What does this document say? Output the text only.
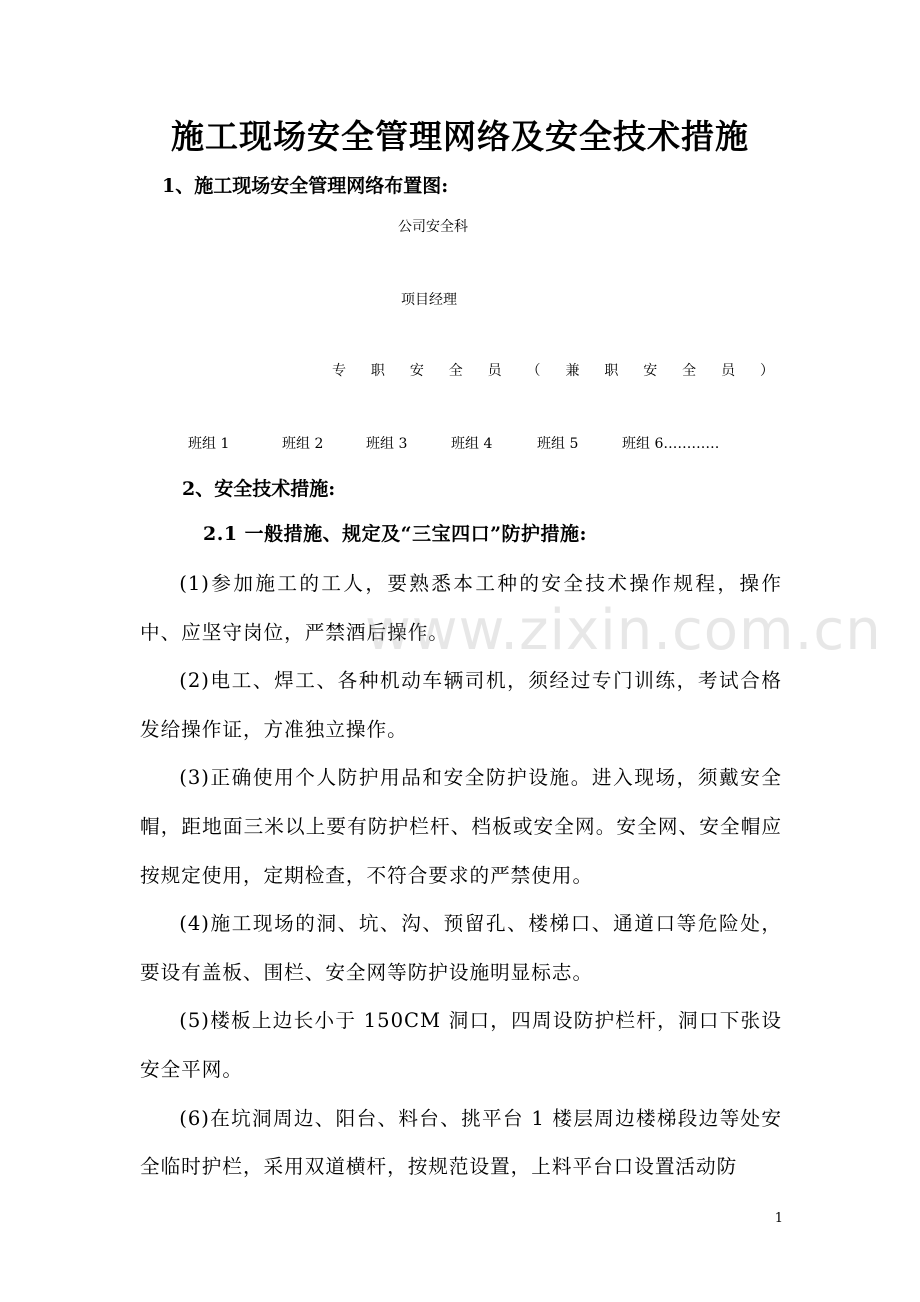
施工现场安全管理网络及安全技术措施
1、施工现场安全管理网络布置图:
公司安全科
项目经理
专 职 安 全 员 （ 兼 职 安 全 员 ）
班组 1	班组 2	班组 3	班组 4	班组 5	班组 6…………
2、安全技术措施:
2.1 一般措施、规定及“三宝四口”防护措施:

(1)参加施工的工人，要熟悉本工种的安全技术操作规程，操作中、应坚守岗位，严禁酒后操作。

(2)电工、焊工、各种机动车辆司机，须经过专门训练，考试合格发给操作证，方准独立操作。

(3)正确使用个人防护用品和安全防护设施。进入现场，须戴安全帽，距地面三米以上要有防护栏杆、档板或安全网。安全网、安全帽应按规定使用，定期检查，不符合要求的严禁使用。

(4)施工现场的洞、坑、沟、预留孔、楼梯口、通道口等危险处，要设有盖板、围栏、安全网等防护设施明显标志。

(5)楼板上边长小于 150CM 洞口，四周设防护栏杆，洞口下张设安全平网。

(6)在坑洞周边、阳台、料台、挑平台 1 楼层周边楼梯段边等处安全临时护栏，采用双道横杆，按规范设置，上料平台口设置活动防

www.zixin.com.cn
1
